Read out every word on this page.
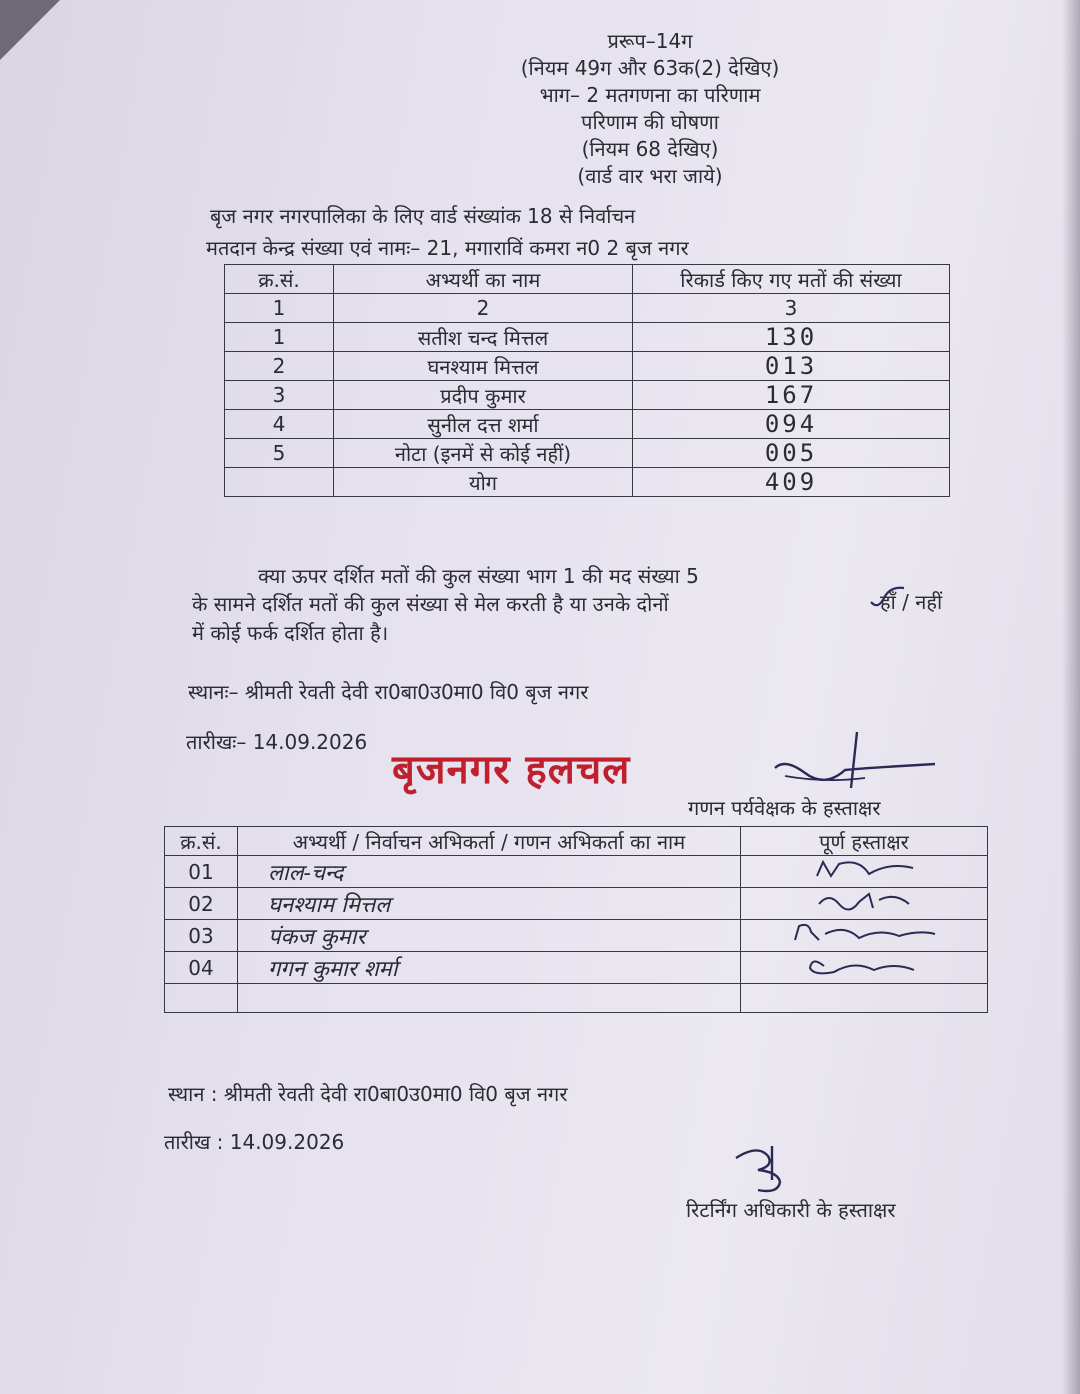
प्ररूप–14ग
(नियम 49ग और 63क(2) देखिए)
भाग– 2 मतगणना का परिणाम
परिणाम की घोषणा
(नियम 68 देखिए)
(वार्ड वार भरा जाये)
बृज नगर नगरपालिका के लिए वार्ड संख्यांक 18 से निर्वाचन
मतदान केन्द्र संख्या एवं नामः– 21, मगाराविं कमरा न0 2 बृज नगर
क्र.सं.	अभ्यर्थी का नाम	रिकार्ड किए गए मतों की संख्या
1	2	3
1	सतीश चन्द मित्तल	130
2	घनश्याम मित्तल	013
3	प्रदीप कुमार	167
4	सुनील दत्त शर्मा	094
5	नोटा (इनमें से कोई नहीं)	005
	योग	409
क्या ऊपर दर्शित मतों की कुल संख्या भाग 1 की मद संख्या 5
के सामने दर्शित मतों की कुल संख्या से मेल करती है या उनके दोनों
में कोई फर्क दर्शित होता है।
हाँ / नहीं
स्थानः– श्रीमती रेवती देवी रा0बा0उ0मा0 वि0 बृज नगर
तारीखः– 14.09.2026
बृजनगर हलचल
गणन पर्यवेक्षक के हस्ताक्षर
क्र.सं.	अभ्यर्थी / निर्वाचन अभिकर्ता / गणन अभिकर्ता का नाम	पूर्ण हस्ताक्षर
01	लाल-चन्द	
02	घनश्याम मित्तल	
03	पंकज कुमार	
04	गगन कुमार शर्मा	

स्थान : श्रीमती रेवती देवी रा0बा0उ0मा0 वि0 बृज नगर
तारीख : 14.09.2026
रिटर्निंग अधिकारी के हस्ताक्षर
